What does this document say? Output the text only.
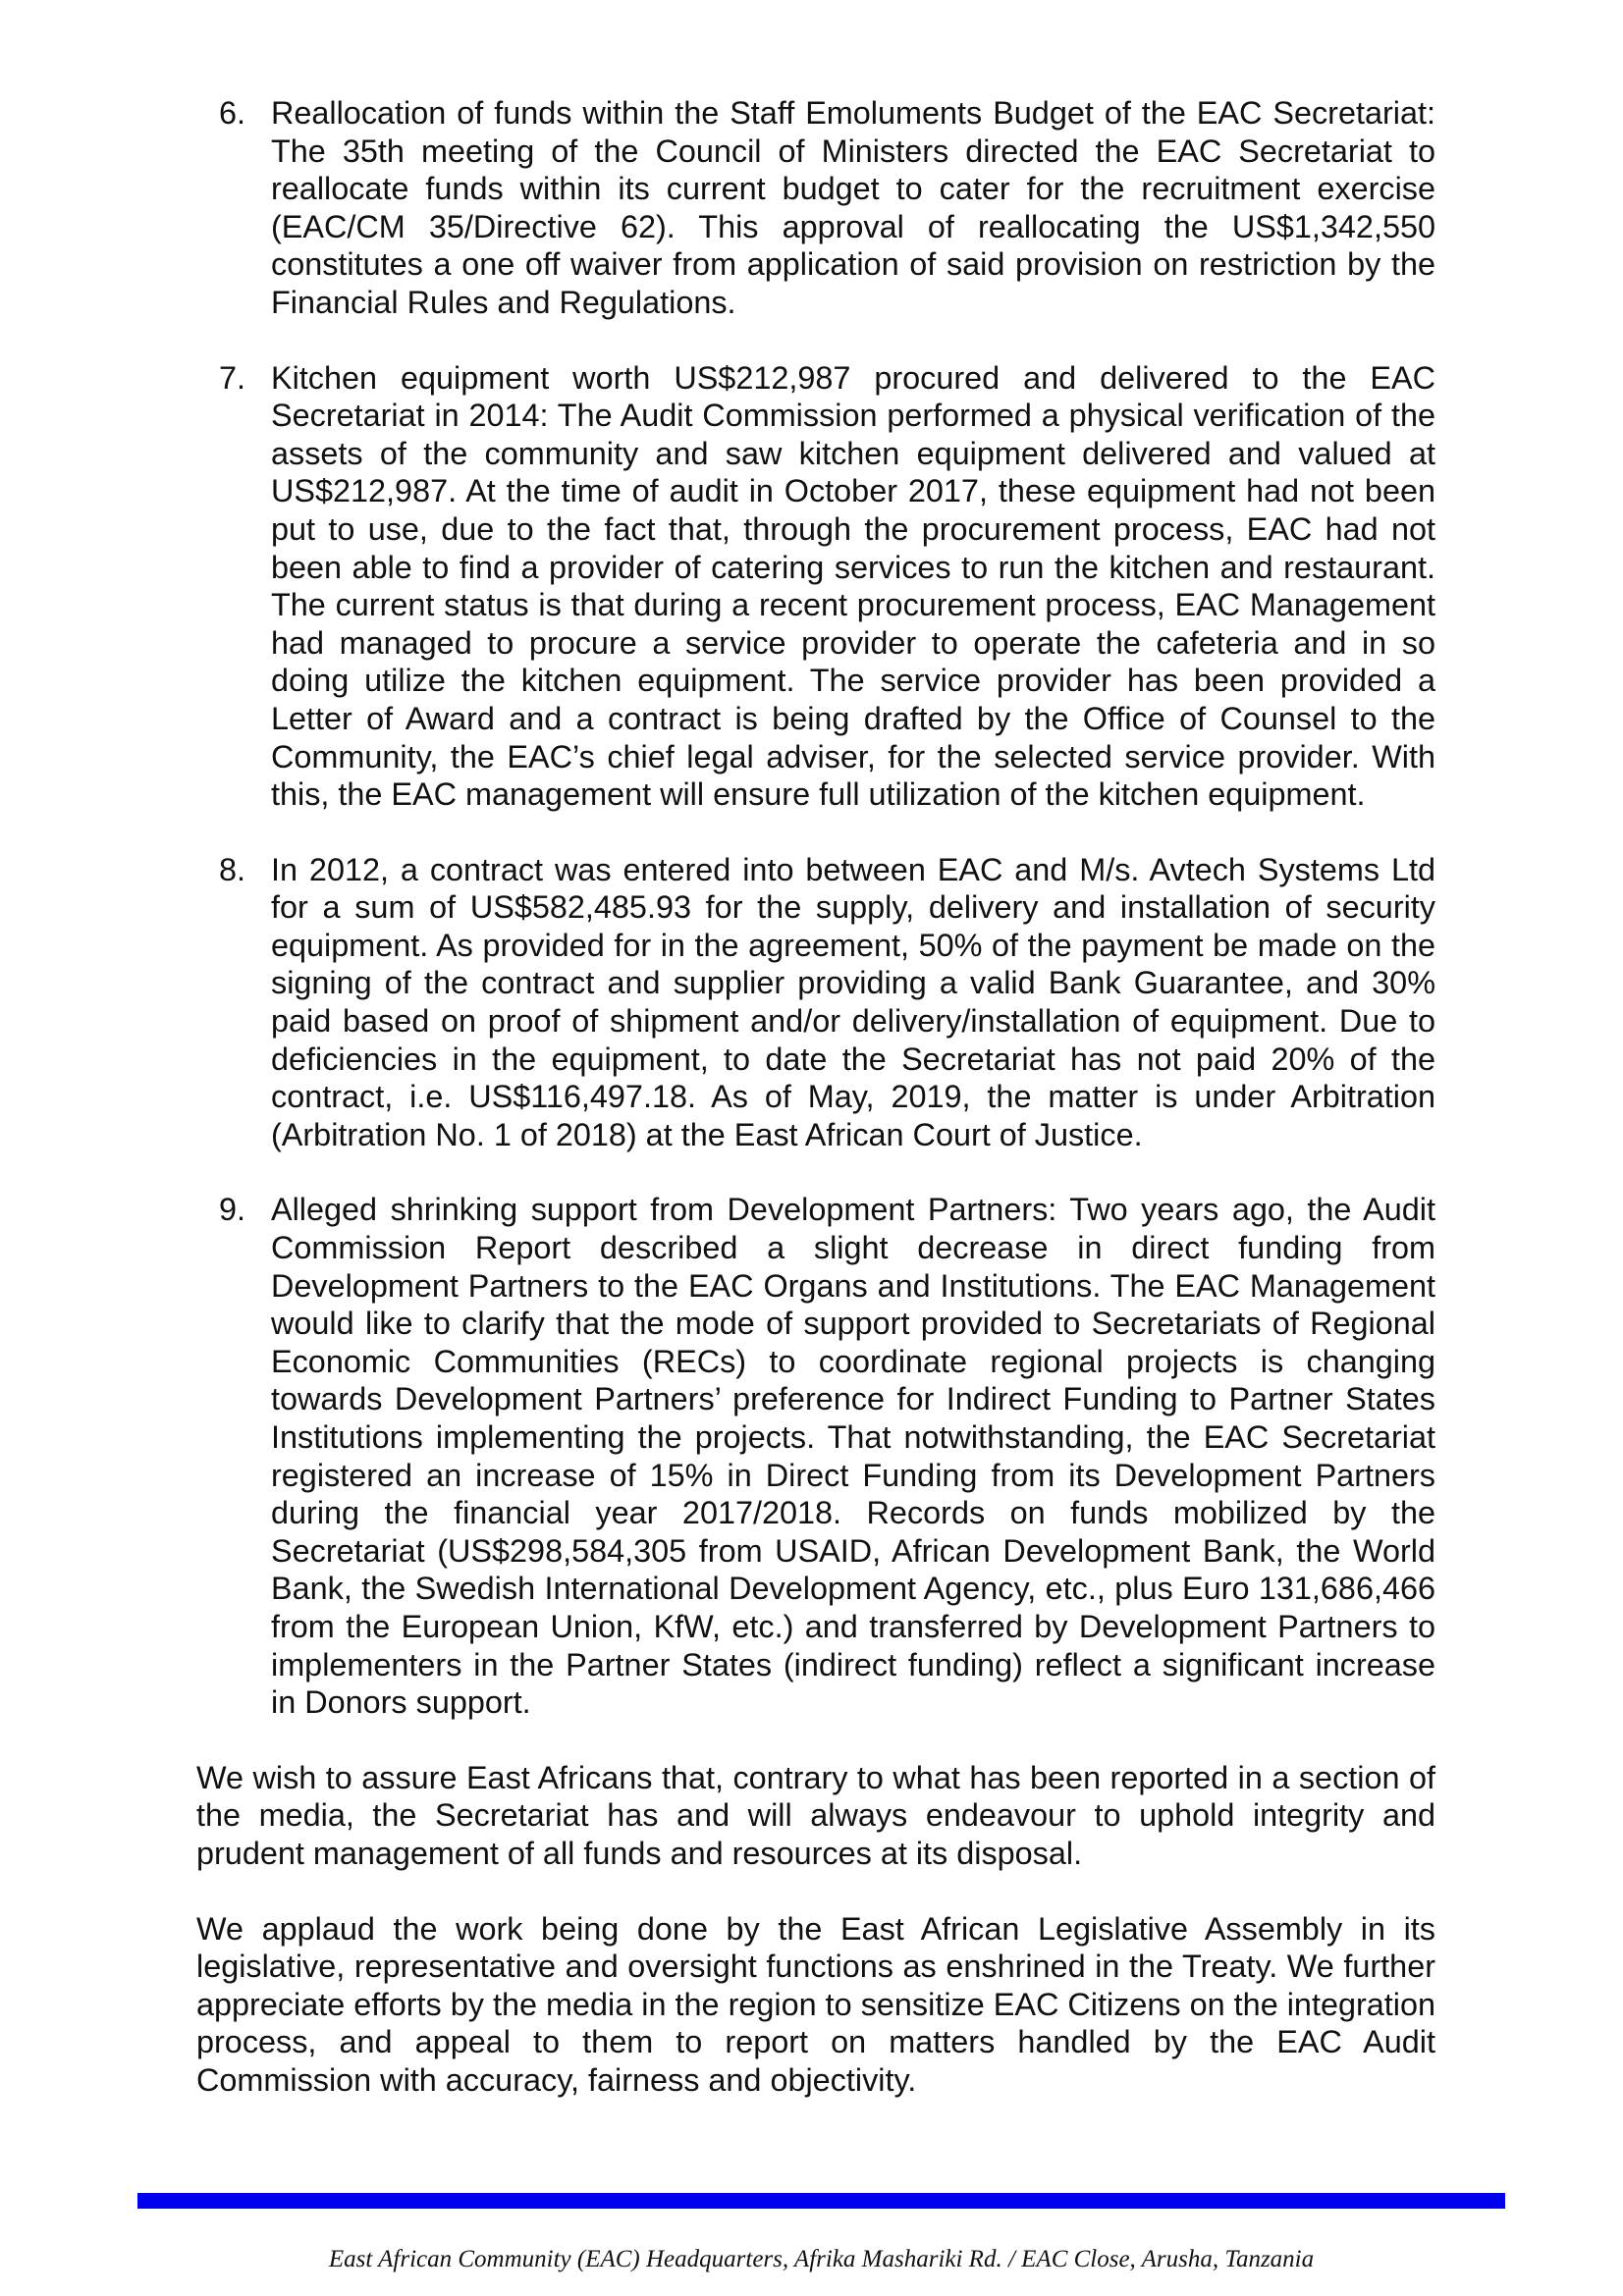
6. Reallocation of funds within the Staff Emoluments Budget of the EAC Secretariat: The 35th meeting of the Council of Ministers directed the EAC Secretariat to reallocate funds within its current budget to cater for the recruitment exercise (EAC/CM 35/Directive 62). This approval of reallocating the US$1,342,550 constitutes a one off waiver from application of said provision on restriction by the Financial Rules and Regulations.
7. Kitchen equipment worth US$212,987 procured and delivered to the EAC Secretariat in 2014: The Audit Commission performed a physical verification of the assets of the community and saw kitchen equipment delivered and valued at US$212,987. At the time of audit in October 2017, these equipment had not been put to use, due to the fact that, through the procurement process, EAC had not been able to find a provider of catering services to run the kitchen and restaurant. The current status is that during a recent procurement process, EAC Management had managed to procure a service provider to operate the cafeteria and in so doing utilize the kitchen equipment. The service provider has been provided a Letter of Award and a contract is being drafted by the Office of Counsel to the Community, the EAC’s chief legal adviser, for the selected service provider. With this, the EAC management will ensure full utilization of the kitchen equipment.
8. In 2012, a contract was entered into between EAC and M/s. Avtech Systems Ltd for a sum of US$582,485.93 for the supply, delivery and installation of security equipment. As provided for in the agreement, 50% of the payment be made on the signing of the contract and supplier providing a valid Bank Guarantee, and 30% paid based on proof of shipment and/or delivery/installation of equipment. Due to deficiencies in the equipment, to date the Secretariat has not paid 20% of the contract, i.e. US$116,497.18. As of May, 2019, the matter is under Arbitration (Arbitration No. 1 of 2018) at the East African Court of Justice.
9. Alleged shrinking support from Development Partners: Two years ago, the Audit Commission Report described a slight decrease in direct funding from Development Partners to the EAC Organs and Institutions. The EAC Management would like to clarify that the mode of support provided to Secretariats of Regional Economic Communities (RECs) to coordinate regional projects is changing towards Development Partners’ preference for Indirect Funding to Partner States Institutions implementing the projects. That notwithstanding, the EAC Secretariat registered an increase of 15% in Direct Funding from its Development Partners during the financial year 2017/2018. Records on funds mobilized by the Secretariat (US$298,584,305 from USAID, African Development Bank, the World Bank, the Swedish International Development Agency, etc., plus Euro 131,686,466 from the European Union, KfW, etc.) and transferred by Development Partners to implementers in the Partner States (indirect funding) reflect a significant increase in Donors support.

We wish to assure East Africans that, contrary to what has been reported in a section of the media, the Secretariat has and will always endeavour to uphold integrity and prudent management of all funds and resources at its disposal.

We applaud the work being done by the East African Legislative Assembly in its legislative, representative and oversight functions as enshrined in the Treaty. We further appreciate efforts by the media in the region to sensitize EAC Citizens on the integration process, and appeal to them to report on matters handled by the EAC Audit Commission with accuracy, fairness and objectivity.

East African Community (EAC) Headquarters, Afrika Mashariki Rd. / EAC Close, Arusha, Tanzania
